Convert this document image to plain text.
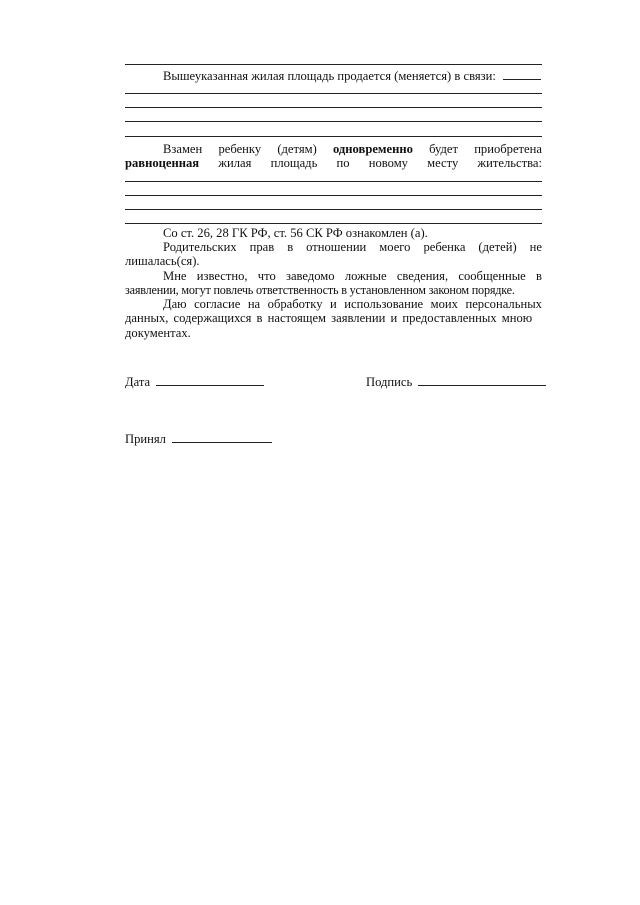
Вышеуказанная жилая площадь продается (меняется) в связи:
Взамен ребенку (детям) одновременно будет приобретена
равноценная жилая площадь по новому месту жительства:
Со ст. 26, 28 ГК РФ, ст. 56 СК РФ ознакомлен (а).
Родительских прав в отношении моего ребенка (детей) не
лишалась(ся).
Мне известно, что заведомо ложные сведения, сообщенные в
заявлении, могут повлечь ответственность в установленном законом порядке.
Даю согласие на обработку и использование моих персональных
данных, содержащихся в настоящем заявлении и предоставленных мною
документах.
Дата	Подпись
Принял
